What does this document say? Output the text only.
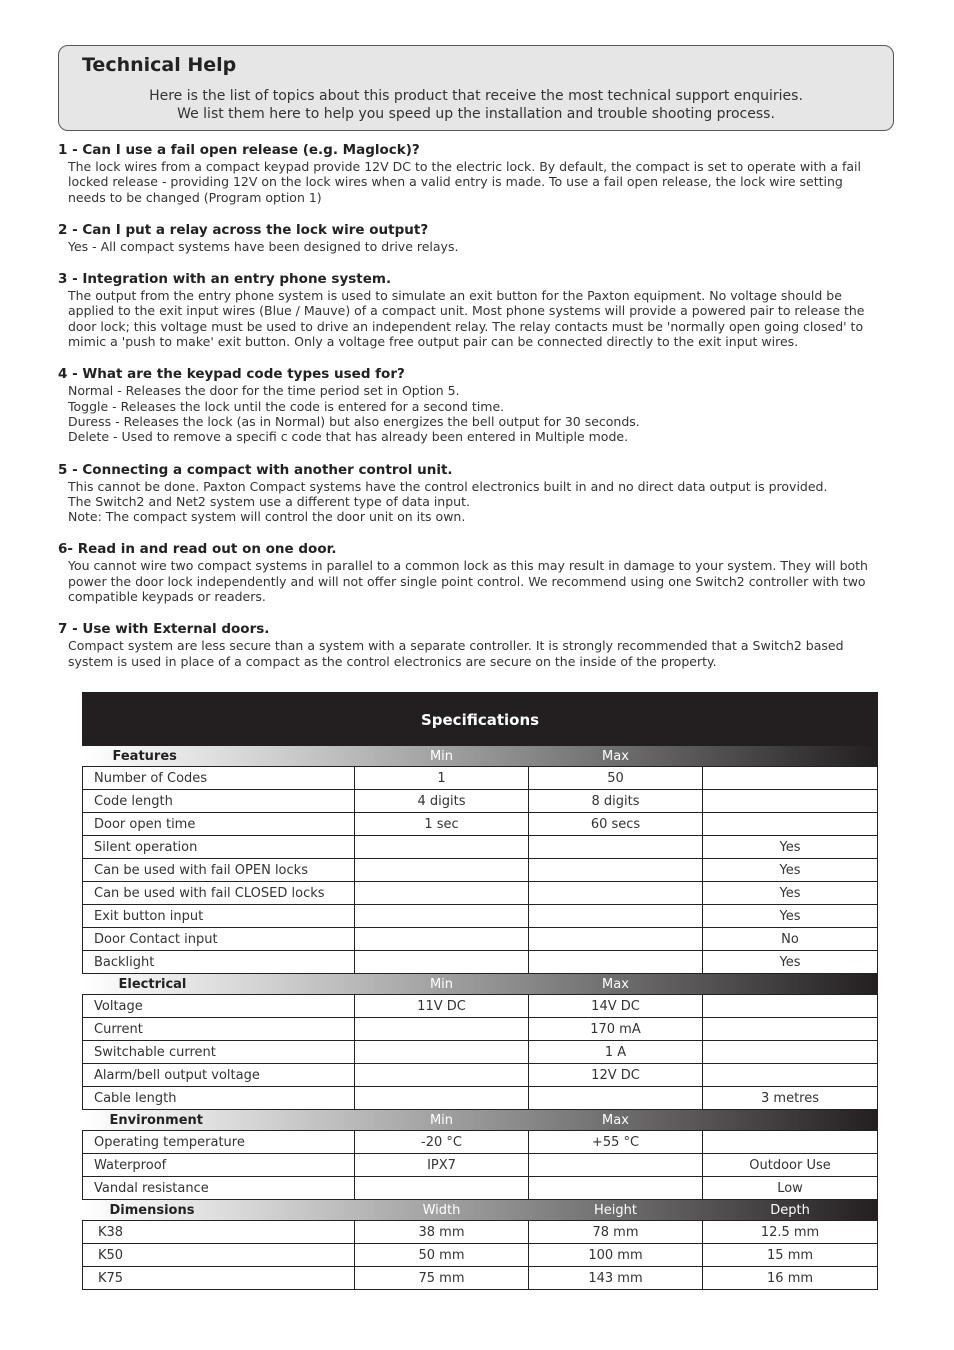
Technical Help
Here is the list of topics about this product that receive the most technical support enquiries.
We list them here to help you speed up the installation and trouble shooting process.
1 - Can I use a fail open release (e.g. Maglock)?
The lock wires from a compact keypad provide 12V DC to the electric lock. By default, the compact is set to operate with a fail
locked release - providing 12V on the lock wires when a valid entry is made. To use a fail open release, the lock wire setting
needs to be changed (Program option 1)
2 - Can I put a relay across the lock wire output?
Yes - All compact systems have been designed to drive relays.
3 - Integration with an entry phone system.
The output from the entry phone system is used to simulate an exit button for the Paxton equipment. No voltage should be
applied to the exit input wires (Blue / Mauve) of a compact unit. Most phone systems will provide a powered pair to release the
door lock; this voltage must be used to drive an independent relay. The relay contacts must be 'normally open going closed' to
mimic a 'push to make' exit button. Only a voltage free output pair can be connected directly to the exit input wires.
4 - What are the keypad code types used for?
Normal - Releases the door for the time period set in Option 5.
Toggle - Releases the lock until the code is entered for a second time.
Duress - Releases the lock (as in Normal) but also energizes the bell output for 30 seconds.
Delete - Used to remove a specifi c code that has already been entered in Multiple mode.
5 - Connecting a compact with another control unit.
This cannot be done. Paxton Compact systems have the control electronics built in and no direct data output is provided.
The Switch2 and Net2 system use a different type of data input.
Note: The compact system will control the door unit on its own.
6- Read in and read out on one door.
You cannot wire two compact systems in parallel to a common lock as this may result in damage to your system. They will both
power the door lock independently and will not offer single point control. We recommend using one Switch2 controller with two
compatible keypads or readers.
7 - Use with External doors.
Compact system are less secure than a system with a separate controller. It is strongly recommended that a Switch2 based
system is used in place of a compact as the control electronics are secure on the inside of the property.
Specifications			
Features	Min	Max	
Number of Codes	1	50	
Code length	4 digits	8 digits	
Door open time	1 sec	60 secs	
Silent operation			Yes
Can be used with fail OPEN locks			Yes
Can be used with fail CLOSED locks			Yes
Exit button input			Yes
Door Contact input			No
Backlight			Yes
Electrical	Min	Max	
Voltage	11V DC	14V DC	
Current		170 mA	
Switchable current		1 A	
Alarm/bell output voltage		12V DC	
Cable length			3 metres
Environment	Min	Max	
Operating temperature	-20 °C	+55 °C	
Waterproof	IPX7		Outdoor Use
Vandal resistance			Low
Dimensions	Width	Height	Depth
K38	38 mm	78 mm	12.5 mm
K50	50 mm	100 mm	15 mm
K75	75 mm	143 mm	16 mm
